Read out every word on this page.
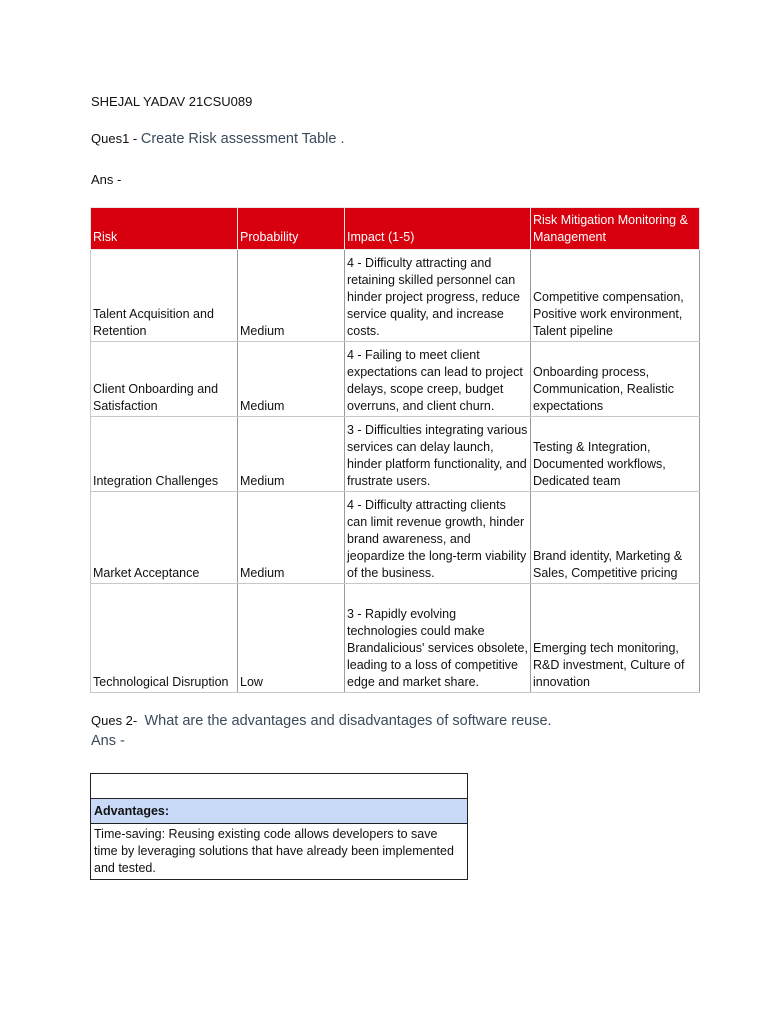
SHEJAL YADAV 21CSU089
Ques1 - Create Risk assessment Table .
Ans -
Risk	Probability	Impact (1-5)	Risk Mitigation Monitoring & Management
Talent Acquisition and Retention	Medium	4 - Difficulty attracting and retaining skilled personnel can hinder project progress, reduce service quality, and increase costs.	Competitive compensation, Positive work environment, Talent pipeline
Client Onboarding and Satisfaction	Medium	4 - Failing to meet client expectations can lead to project delays, scope creep, budget overruns, and client churn.	Onboarding process, Communication, Realistic expectations
Integration Challenges	Medium	3 - Difficulties integrating various services can delay launch, hinder platform functionality, and frustrate users.	Testing & Integration, Documented workflows, Dedicated team
Market Acceptance	Medium	4 - Difficulty attracting clients can limit revenue growth, hinder brand awareness, and jeopardize the long-term viability of the business.	Brand identity, Marketing & Sales, Competitive pricing
Technological Disruption	Low	3 - Rapidly evolving technologies could make Brandalicious' services obsolete, leading to a loss of competitive edge and market share.	Emerging tech monitoring, R&D investment, Culture of innovation
Ques 2- What are the advantages and disadvantages of software reuse.
Ans -

Advantages:
Time-saving: Reusing existing code allows developers to save time by leveraging solutions that have already been implemented and tested.
